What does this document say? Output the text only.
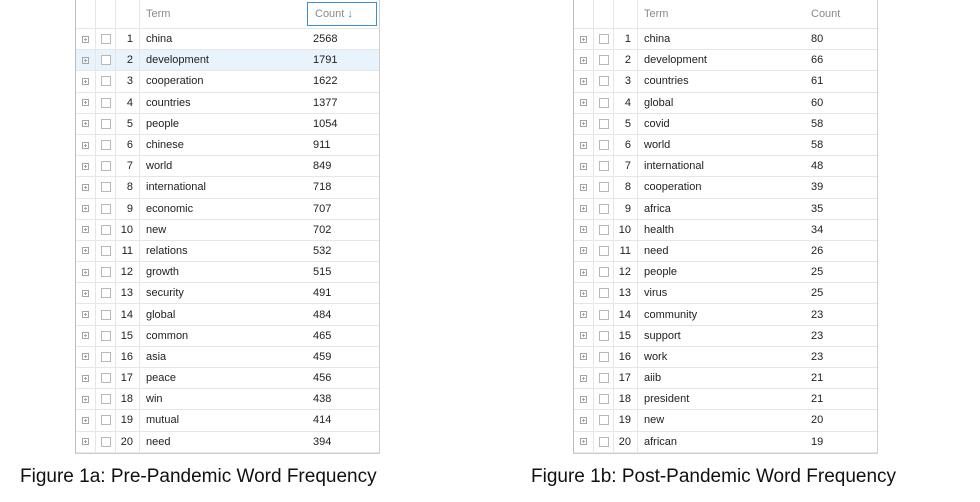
Term	Count ↓
1	china	2568
2	development	1791
3	cooperation	1622
4	countries	1377
5	people	1054
6	chinese	911
7	world	849
8	international	718
9	economic	707
10	new	702
11	relations	532
12	growth	515
13	security	491
14	global	484
15	common	465
16	asia	459
17	peace	456
18	win	438
19	mutual	414
20	need	394
Term	Count
1	china	80
2	development	66
3	countries	61
4	global	60
5	covid	58
6	world	58
7	international	48
8	cooperation	39
9	africa	35
10	health	34
11	need	26
12	people	25
13	virus	25
14	community	23
15	support	23
16	work	23
17	aiib	21
18	president	21
19	new	20
20	african	19
Figure 1a: Pre-Pandemic Word Frequency	Figure 1b: Post-Pandemic Word Frequency
